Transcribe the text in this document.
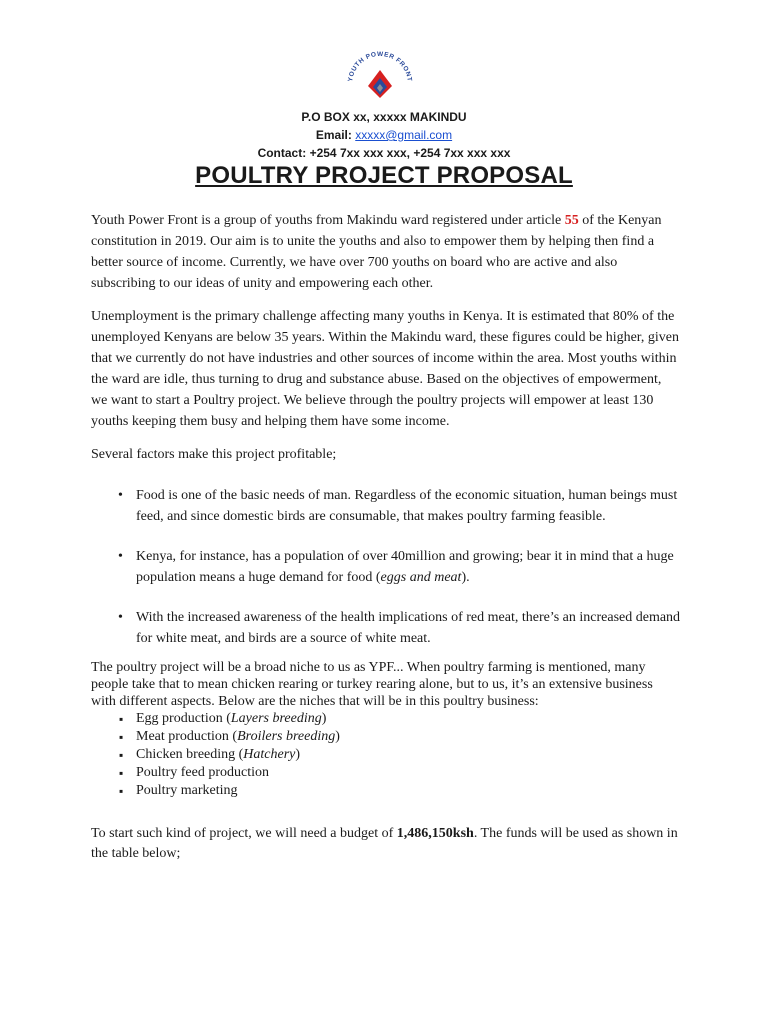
YOUTH POWER FRONT
P.O BOX xx, xxxxx MAKINDU
Email: xxxxx@gmail.com
Contact: +254 7xx xxx xxx, +254 7xx xxx xxx
POULTRY PROJECT PROPOSAL

Youth Power Front is a group of youths from Makindu ward registered under article 55 of the Kenyan constitution in 2019. Our aim is to unite the youths and also to empower them by helping then find a better source of income. Currently, we have over 700 youths on board who are active and also subscribing to our ideas of unity and empowering each other.

Unemployment is the primary challenge affecting many youths in Kenya. It is estimated that 80% of the unemployed Kenyans are below 35 years. Within the Makindu ward, these figures could be higher, given that we currently do not have industries and other sources of income within the area. Most youths within the ward are idle, thus turning to drug and substance abuse. Based on the objectives of empowerment, we want to start a Poultry project. We believe through the poultry projects will empower at least 130 youths keeping them busy and helping them have some income.

Several factors make this project profitable;

• Food is one of the basic needs of man. Regardless of the economic situation, human beings must feed, and since domestic birds are consumable, that makes poultry farming feasible.
• Kenya, for instance, has a population of over 40million and growing; bear it in mind that a huge population means a huge demand for food (eggs and meat).
• With the increased awareness of the health implications of red meat, there’s an increased demand for white meat, and birds are a source of white meat.

The poultry project will be a broad niche to us as YPF... When poultry farming is mentioned, many people take that to mean chicken rearing or turkey rearing alone, but to us, it’s an extensive business with different aspects. Below are the niches that will be in this poultry business:

▪ Egg production (Layers breeding)
▪ Meat production (Broilers breeding)
▪ Chicken breeding (Hatchery)
▪ Poultry feed production
▪ Poultry marketing

To start such kind of project, we will need a budget of 1,486,150ksh. The funds will be used as shown in the table below;
